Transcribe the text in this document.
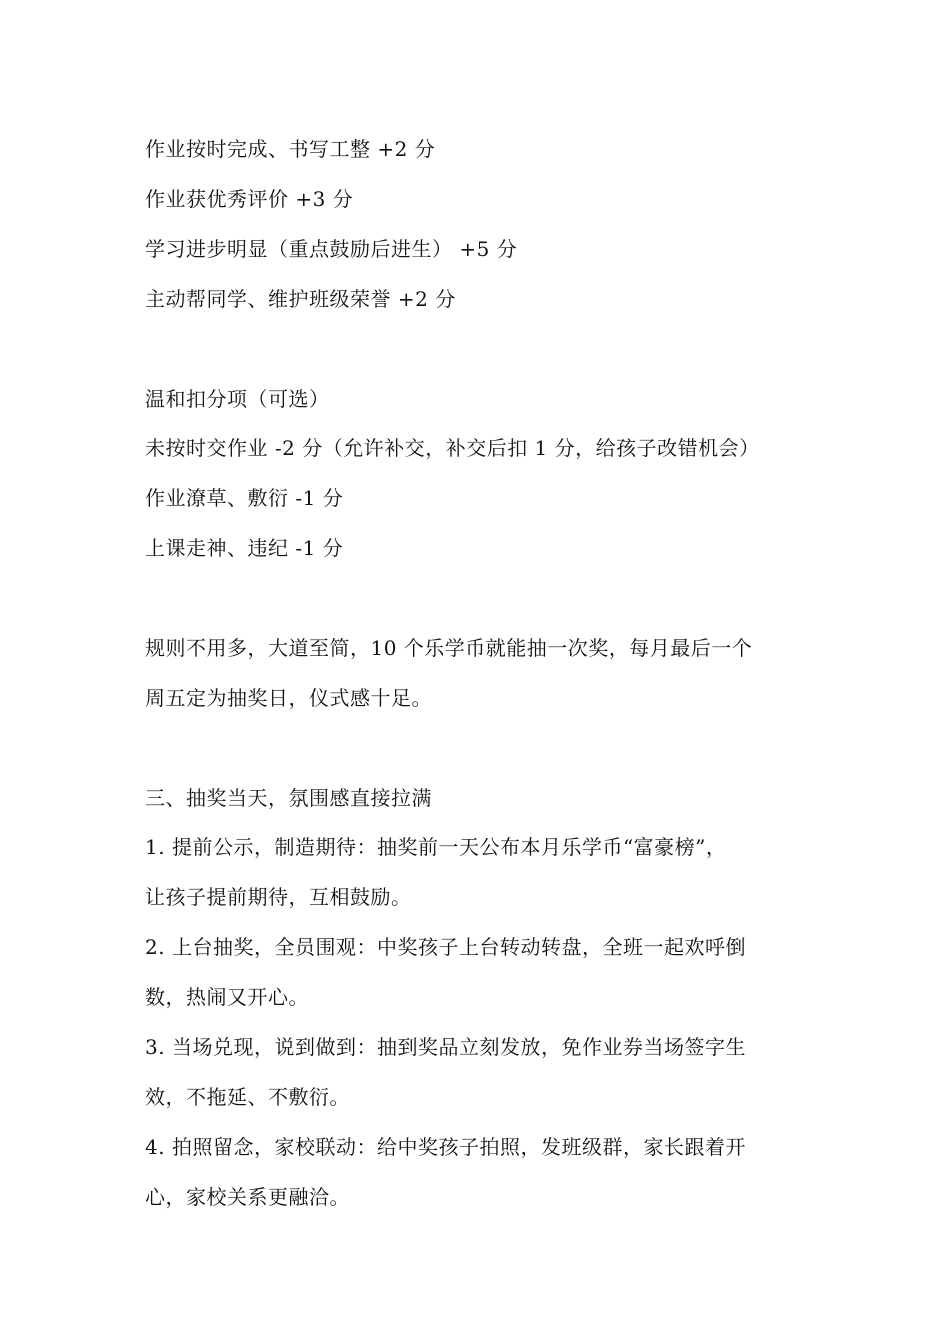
作业按时完成、书写工整 +2 分
作业获优秀评价 +3 分
学习进步明显（重点鼓励后进生） +5 分
主动帮同学、维护班级荣誉 +2 分
温和扣分项（可选）
未按时交作业 -2 分（允许补交，补交后扣 1 分，给孩子改错机会）
作业潦草、敷衍 -1 分
上课走神、违纪 -1 分
规则不用多，大道至简，10 个乐学币就能抽一次奖，每月最后一个
周五定为抽奖日，仪式感十足。
三、抽奖当天，氛围感直接拉满
1. 提前公示，制造期待：抽奖前一天公布本月乐学币“富豪榜”，
让孩子提前期待，互相鼓励。
2. 上台抽奖，全员围观：中奖孩子上台转动转盘，全班一起欢呼倒
数，热闹又开心。
3. 当场兑现，说到做到：抽到奖品立刻发放，免作业券当场签字生
效，不拖延、不敷衍。
4. 拍照留念，家校联动：给中奖孩子拍照，发班级群，家长跟着开
心，家校关系更融洽。
